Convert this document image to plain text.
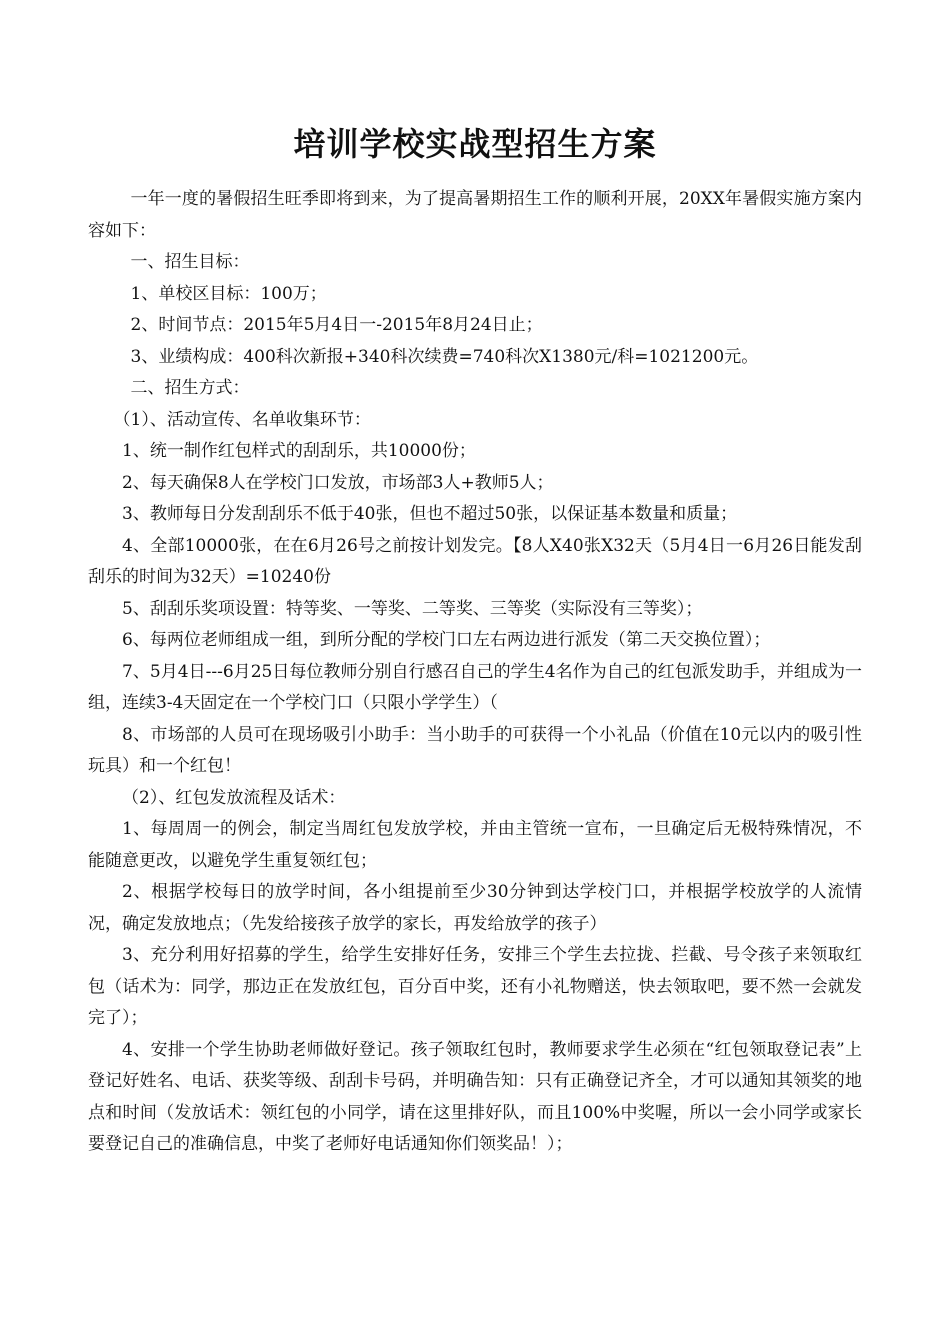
培训学校实战型招生方案

一年一度的暑假招生旺季即将到来，为了提高暑期招生工作的顺利开展，20XX年暑假实施方案内容如下：

一、招生目标：

1、单校区目标：100万；

2、时间节点：2015年5月4日一-2015年8月24日止；

3、业绩构成：400科次新报+340科次续费=740科次X1380元/科=1021200元。

二、招生方式：

（1）、活动宣传、名单收集环节：

1、统一制作红包样式的刮刮乐，共10000份；

2、每天确保8人在学校门口发放，市场部3人+教师5人；

3、教师每日分发刮刮乐不低于40张，但也不超过50张，以保证基本数量和质量；

4、全部10000张，在在6月26号之前按计划发完。【8人X40张X32天（5月4日一6月26日能发刮刮乐的时间为32天）=10240份

5、刮刮乐奖项设置：特等奖、一等奖、二等奖、三等奖（实际没有三等奖）；

6、每两位老师组成一组，到所分配的学校门口左右两边进行派发（第二天交换位置）；

7、5月4日---6月25日每位教师分别自行感召自己的学生4名作为自己的红包派发助手，并组成为一组，连续3-4天固定在一个学校门口（只限小学学生）（

8、市场部的人员可在现场吸引小助手：当小助手的可获得一个小礼品（价值在10元以内的吸引性玩具）和一个红包！

（2）、红包发放流程及话术：

1、每周周一的例会，制定当周红包发放学校，并由主管统一宣布，一旦确定后无极特殊情况，不能随意更改，以避免学生重复领红包；

2、根据学校每日的放学时间，各小组提前至少30分钟到达学校门口，并根据学校放学的人流情况，确定发放地点；（先发给接孩子放学的家长，再发给放学的孩子）

3、充分利用好招募的学生，给学生安排好任务，安排三个学生去拉拢、拦截、号令孩子来领取红包（话术为：同学，那边正在发放红包，百分百中奖，还有小礼物赠送，快去领取吧，要不然一会就发完了）；

4、安排一个学生协助老师做好登记。孩子领取红包时，教师要求学生必须在“红包领取登记表”上登记好姓名、电话、获奖等级、刮刮卡号码，并明确告知：只有正确登记齐全，才可以通知其领奖的地点和时间（发放话术：领红包的小同学，请在这里排好队，而且100%中奖喔，所以一会小同学或家长要登记自己的准确信息，中奖了老师好电话通知你们领奖品！）；
